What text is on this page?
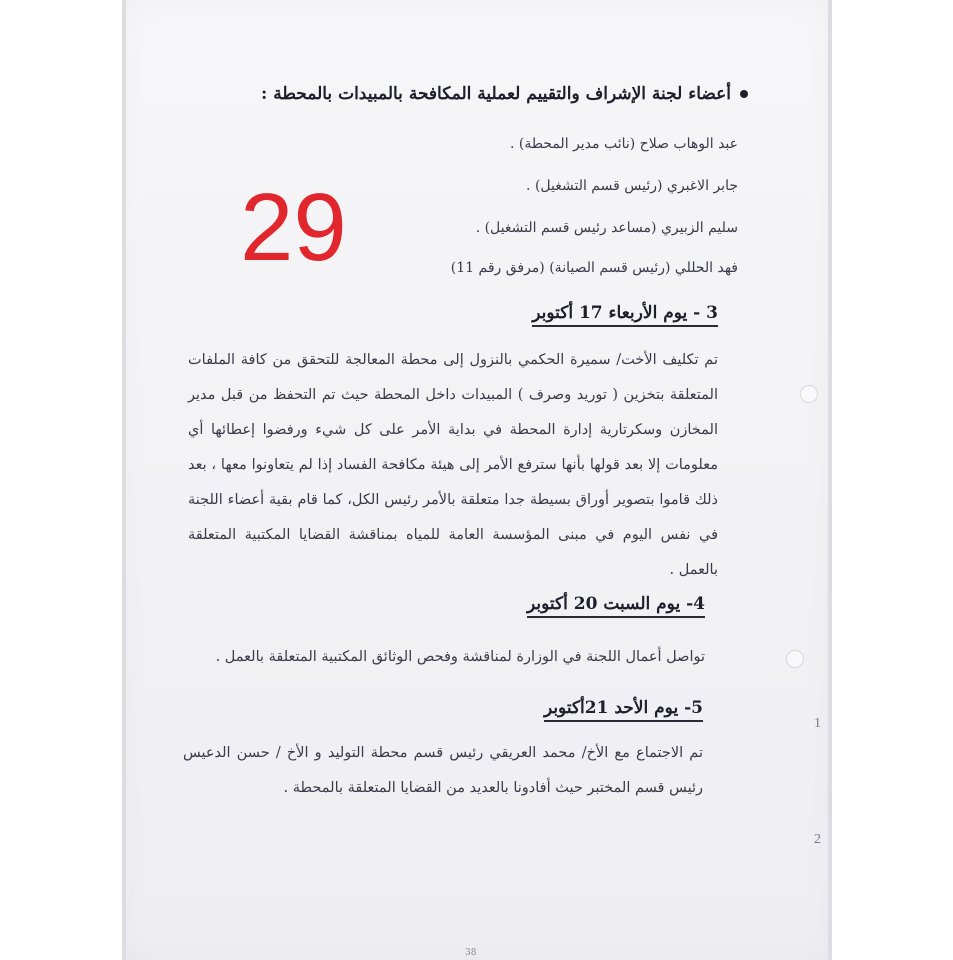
أعضاء لجنة الإشراف والتقييم لعملية المكافحة بالمبيدات بالمحطة :
عبد الوهاب صلاح (نائب مدير المحطة) .
جابر الاغبري (رئيس قسم التشغيل) .
سليم الزبيري (مساعد رئيس قسم التشغيل) .
فهد الحللي (رئيس قسم الصيانة) (مرفق رقم 11)
29
3 - يوم الأربعاء 17 أكتوبر
تم تكليف الأخت/ سميرة الحكمي بالنزول إلى محطة المعالجة للتحقق من كافة الملفات المتعلقة بتخزين ( توريد وصرف ) المبيدات داخل المحطة حيث تم التحفظ من قبل مدير المخازن وسكرتارية إدارة المحطة في بداية الأمر على كل شيء ورفضوا إعطائها أي معلومات إلا بعد قولها بأنها سترفع الأمر إلى هيئة مكافحة الفساد إذا لم يتعاونوا معها ، بعد ذلك قاموا بتصوير أوراق بسيطة جدا متعلقة بالأمر رئيس الكل، كما قام بقية أعضاء اللجنة في نفس اليوم في مبنى المؤسسة العامة للمياه بمناقشة القضايا المكتبية المتعلقة بالعمل .
4- يوم السبت 20 أكتوبر
تواصل أعمال اللجنة في الوزارة لمناقشة وفحص الوثائق المكتبية المتعلقة بالعمل .
5- يوم الأحد 21أكتوبر
تم الاجتماع مع الأخ/ محمد العريقي رئيس قسم محطة التوليد و الأخ / حسن الدعيس رئيس قسم المختبر حيث أفادونا بالعديد من القضايا المتعلقة بالمحطة .
1
2
38
